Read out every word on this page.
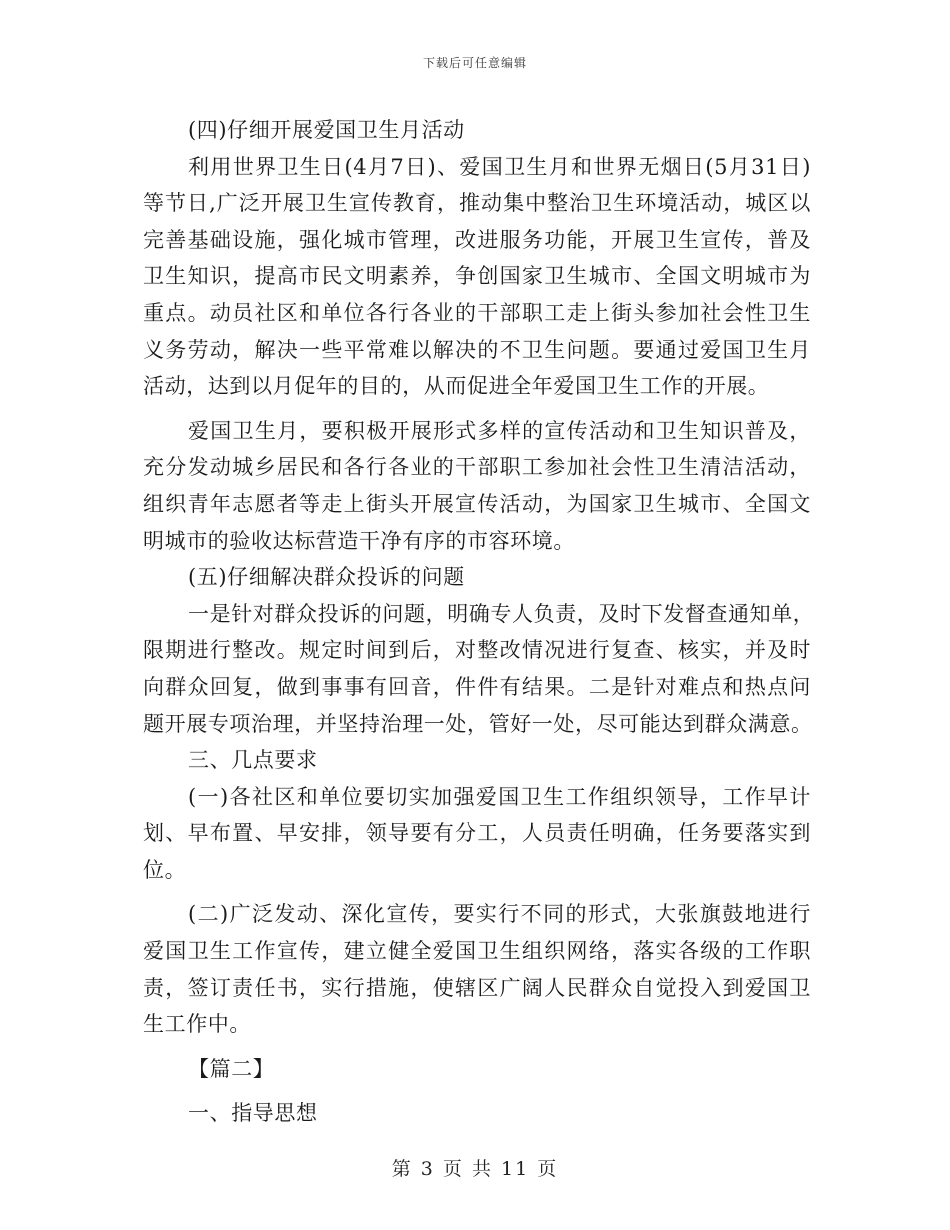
下载后可任意编辑
(四)仔细开展爱国卫生月活动
利用世界卫生日(4月7日)、爱国卫生月和世界无烟日(5月31日)
等节日,广泛开展卫生宣传教育，推动集中整治卫生环境活动，城区以
完善基础设施，强化城市管理，改进服务功能，开展卫生宣传，普及
卫生知识，提高市民文明素养，争创国家卫生城市、全国文明城市为
重点。动员社区和单位各行各业的干部职工走上街头参加社会性卫生
义务劳动，解决一些平常难以解决的不卫生问题。要通过爱国卫生月
活动，达到以月促年的目的，从而促进全年爱国卫生工作的开展。
爱国卫生月，要积极开展形式多样的宣传活动和卫生知识普及，
充分发动城乡居民和各行各业的干部职工参加社会性卫生清洁活动，
组织青年志愿者等走上街头开展宣传活动，为国家卫生城市、全国文
明城市的验收达标营造干净有序的市容环境。
(五)仔细解决群众投诉的问题
一是针对群众投诉的问题，明确专人负责，及时下发督查通知单，
限期进行整改。规定时间到后，对整改情况进行复查、核实，并及时
向群众回复，做到事事有回音，件件有结果。二是针对难点和热点问
题开展专项治理，并坚持治理一处，管好一处，尽可能达到群众满意。
三、几点要求
(一)各社区和单位要切实加强爱国卫生工作组织领导，工作早计
划、早布置、早安排，领导要有分工，人员责任明确，任务要落实到
位。
(二)广泛发动、深化宣传，要实行不同的形式，大张旗鼓地进行
爱国卫生工作宣传，建立健全爱国卫生组织网络，落实各级的工作职
责，签订责任书，实行措施，使辖区广阔人民群众自觉投入到爱国卫
生工作中。
【篇二】
一、指导思想
第 3 页 共 11 页
